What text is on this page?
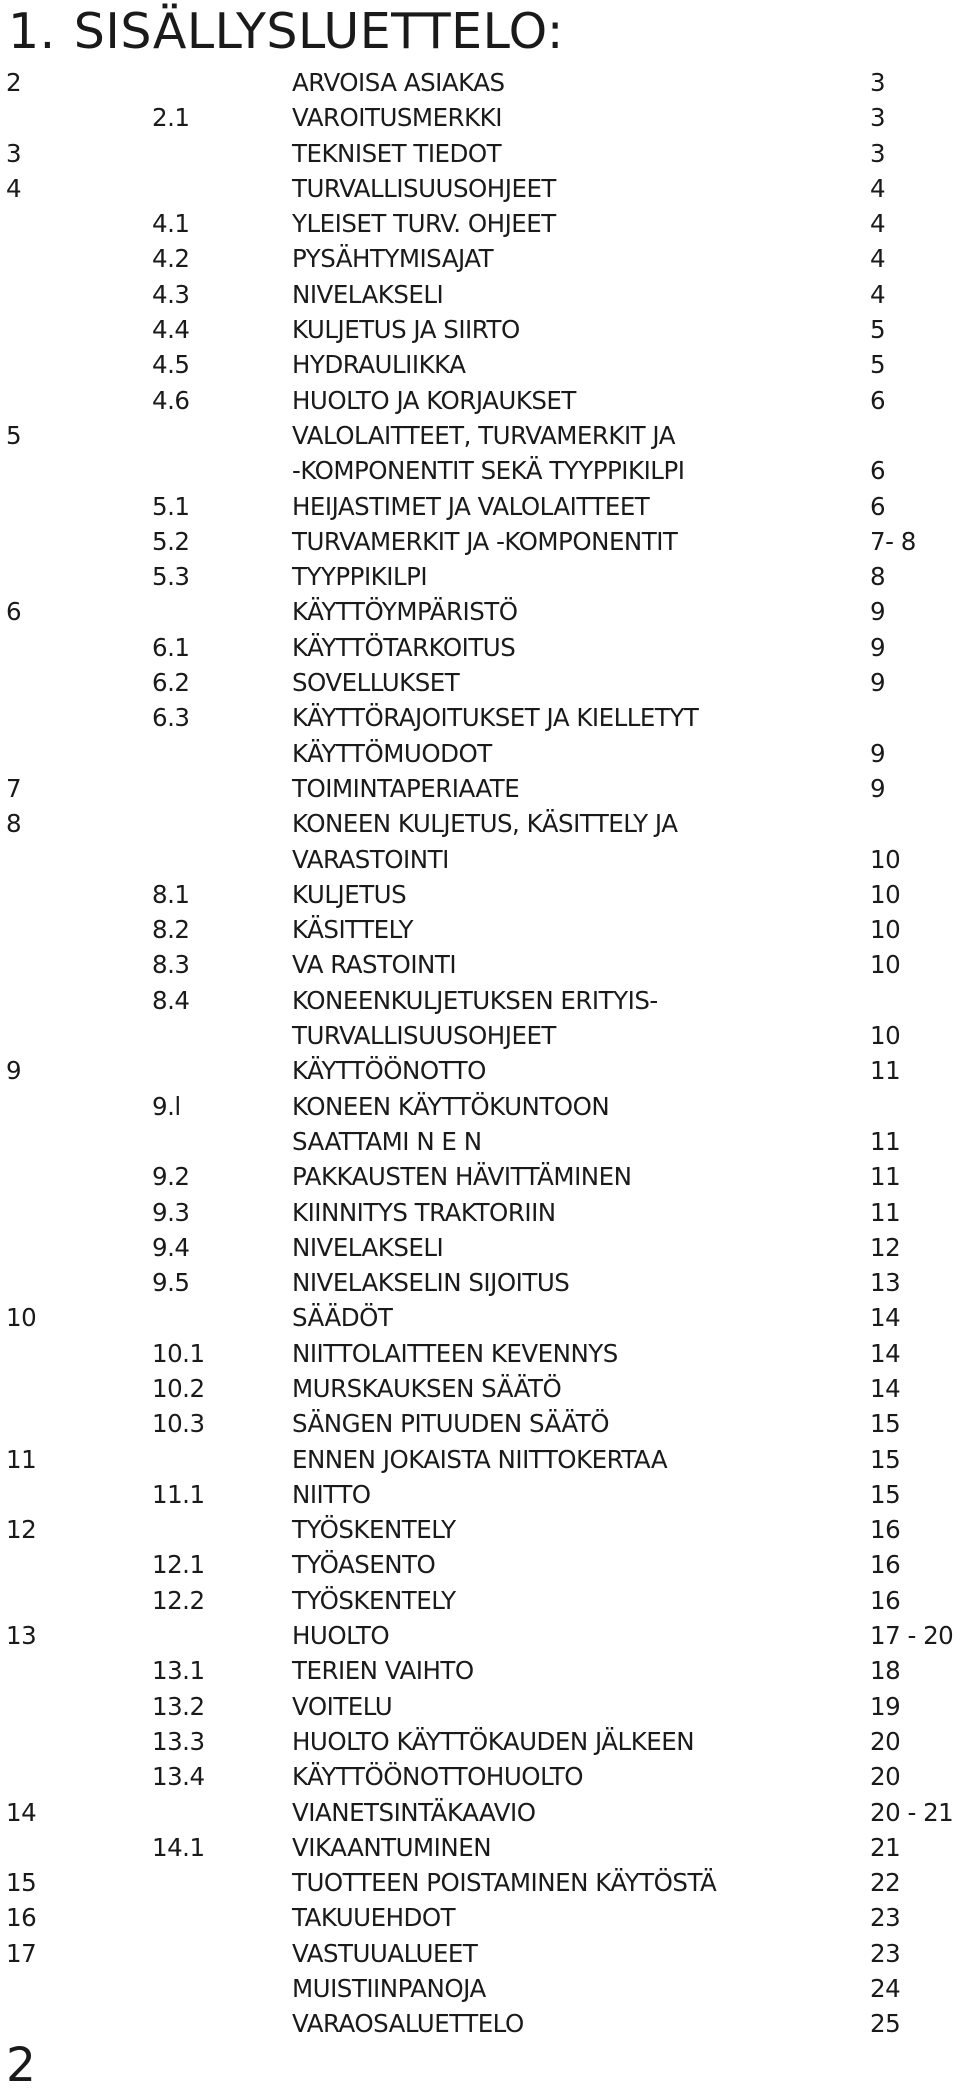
1. SISÄLLYSLUETTELO:
2	ARVOISA ASIAKAS	3
2.1	VAROITUSMERKKI	3
3	TEKNISET TIEDOT	3
4	TURVALLISUUSOHJEET	4
4.1	YLEISET TURV. OHJEET	4
4.2	PYSÄHTYMISAJAT	4
4.3	NIVELAKSELI	4
4.4	KULJETUS JA SIIRTO	5
4.5	HYDRAULIIKKA	5
4.6	HUOLTO JA KORJAUKSET	6
5	VALOLAITTEET, TURVAMERKIT JA
-KOMPONENTIT SEKÄ TYYPPIKILPI	6
5.1	HEIJASTIMET JA VALOLAITTEET	6
5.2	TURVAMERKIT JA -KOMPONENTIT	7- 8
5.3	TYYPPIKILPI	8
6	KÄYTTÖYMPÄRISTÖ	9
6.1	KÄYTTÖTARKOITUS	9
6.2	SOVELLUKSET	9
6.3	KÄYTTÖRAJOITUKSET JA KIELLETYT
KÄYTTÖMUODOT	9
7	TOIMINTAPERIAATE	9
8	KONEEN KULJETUS, KÄSITTELY JA
VARASTOINTI	10
8.1	KULJETUS	10
8.2	KÄSITTELY	10
8.3	VA RASTOINTI	10
8.4	KONEENKULJETUKSEN ERITYIS-
TURVALLISUUSOHJEET	10
9	KÄYTTÖÖNOTTO	11
9.l	KONEEN KÄYTTÖKUNTOON
SAATTAMI N E N	11
9.2	PAKKAUSTEN HÄVITTÄMINEN	11
9.3	KIINNITYS TRAKTORIIN	11
9.4	NIVELAKSELI	12
9.5	NIVELAKSELIN SIJOITUS	13
10	SÄÄDÖT	14
10.1	NIITTOLAITTEEN KEVENNYS	14
10.2	MURSKAUKSEN SÄÄTÖ	14
10.3	SÄNGEN PITUUDEN SÄÄTÖ	15
11	ENNEN JOKAISTA NIITTOKERTAA	15
11.1	NIITTO	15
12	TYÖSKENTELY	16
12.1	TYÖASENTO	16
12.2	TYÖSKENTELY	16
13	HUOLTO	17 - 20
13.1	TERIEN VAIHTO	18
13.2	VOITELU	19
13.3	HUOLTO KÄYTTÖKAUDEN JÄLKEEN	20
13.4	KÄYTTÖÖNOTTOHUOLTO	20
14	VIANETSINTÄKAAVIO	20 - 21
14.1	VIKAANTUMINEN	21
15	TUOTTEEN POISTAMINEN KÄYTÖSTÄ	22
16	TAKUUEHDOT	23
17	VASTUUALUEET	23
MUISTIINPANOJA	24
VARAOSALUETTELO	25
2
